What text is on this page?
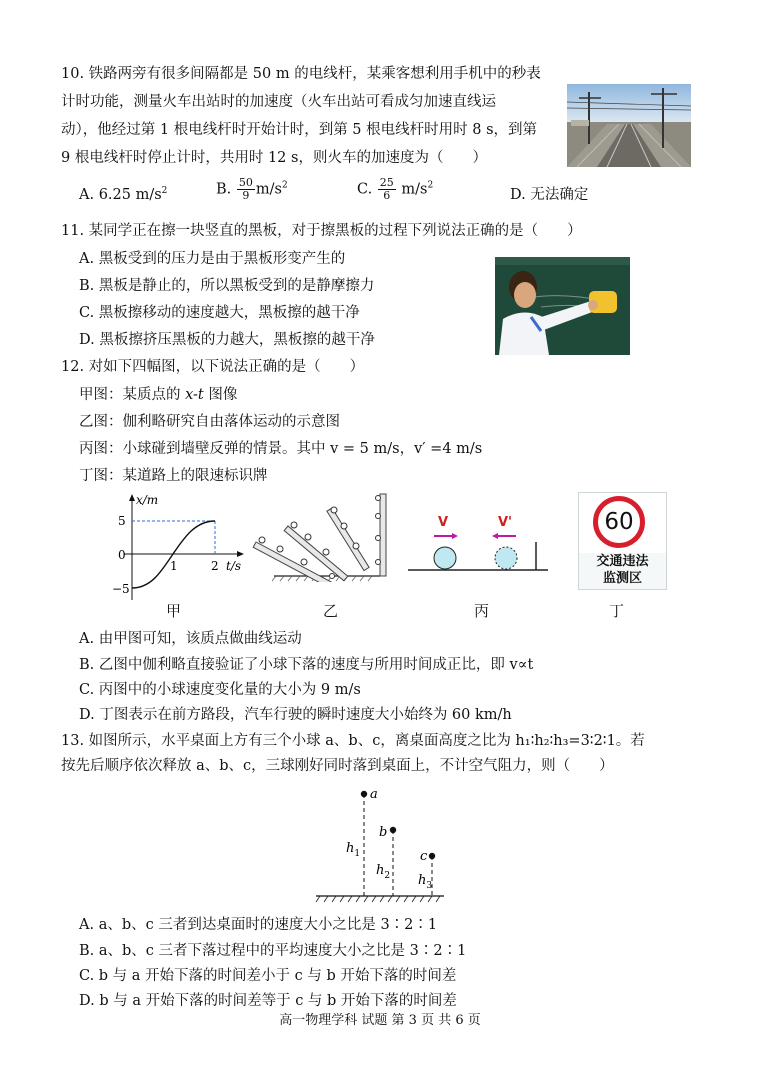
10. 铁路两旁有很多间隔都是 50 m 的电线杆，某乘客想利用手机中的秒表
计时功能，测量火车出站时的加速度（火车出站可看成匀加速直线运
动），他经过第 1 根电线杆时开始计时，到第 5 根电线杆时用时 8 s，到第
9 根电线杆时停止计时，共用时 12 s，则火车的加速度为（　　）
A. 6.25 $m/s^2$	B. $\frac{50}{9} m/s^2$	C. $\frac{25}{6} m/s^2$
D. 无法确定
11. 某同学正在擦一块竖直的黑板，对于擦黑板的过程下列说法正确的是（　　）
A. 黑板受到的压力是由于黑板形变产生的
B. 黑板是静止的，所以黑板受到的是静摩擦力
C. 黑板擦移动的速度越大，黑板擦的越干净
D. 黑板擦挤压黑板的力越大，黑板擦的越干净
12. 对如下四幅图，以下说法正确的是（　　）
甲图：某质点的 x-t 图像
乙图：伽利略研究自由落体运动的示意图
丙图：小球碰到墙壁反弹的情景。其中 v = 5 m/s，v′ =4 m/s
丁图：某道路上的限速标识牌
x/m
t/s
5
0
−5
1	2
V	V'	60
交通违法
监测区
甲	乙	丙	丁
A. 由甲图可知，该质点做曲线运动
B. 乙图中伽利略直接验证了小球下落的速度与所用时间成正比，即 v∝t
C. 丙图中的小球速度变化量的大小为 9 m/s
D. 丁图表示在前方路段，汽车行驶的瞬时速度大小始终为 60 km/h
13. 如图所示，水平桌面上方有三个小球 a、b、c，离桌面高度之比为 h₁∶h₂∶h₃=3∶2∶1。若
按先后顺序依次释放 a、b、c，三球刚好同时落到桌面上，不计空气阻力，则（　　）
a
b
c
$h_1$
$h_2$ $h_3$
A. a、b、c 三者到达桌面时的速度大小之比是 3∶2∶1
B. a、b、c 三者下落过程中的平均速度大小之比是 3∶2∶1
C. b 与 a 开始下落的时间差小于 c 与 b 开始下落的时间差
D. b 与 a 开始下落的时间差等于 c 与 b 开始下落的时间差
高一物理学科 试题 第 3 页 共 6 页
